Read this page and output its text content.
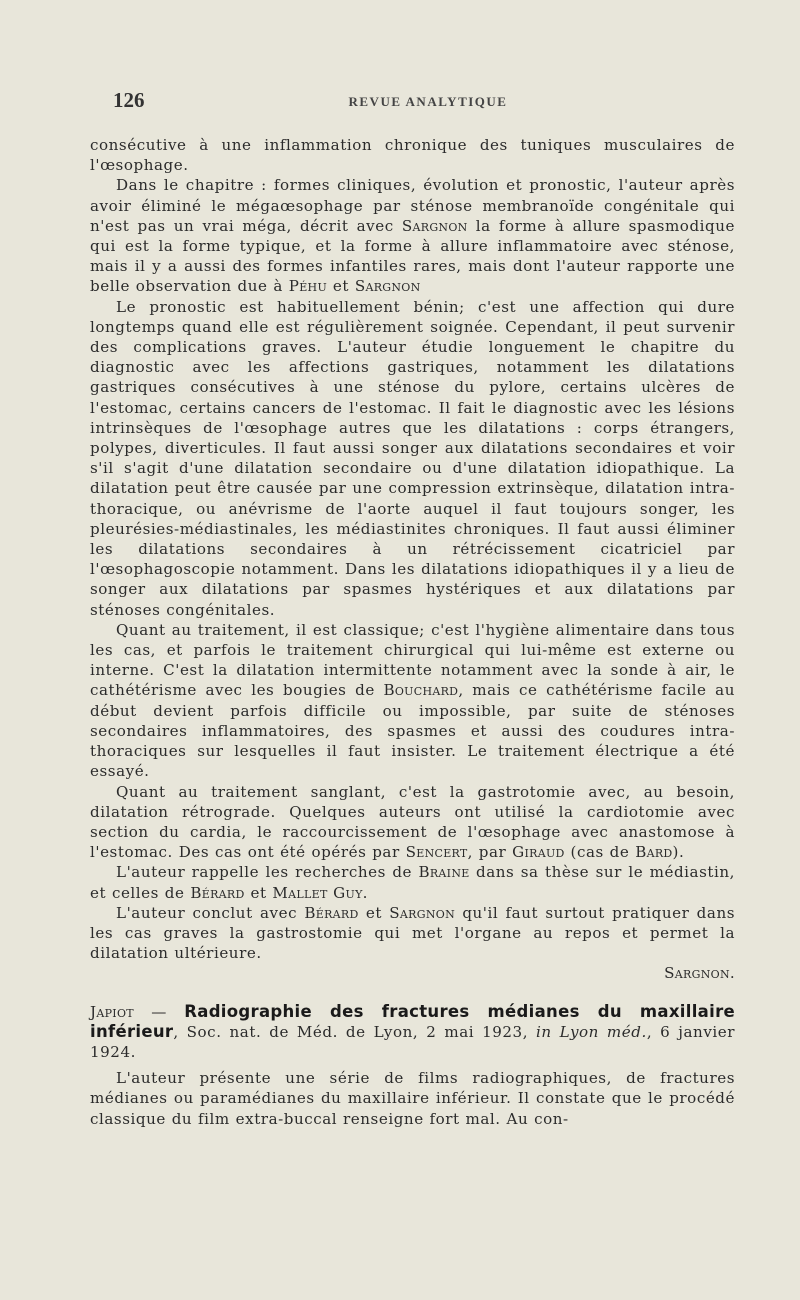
126	REVUE ANALYTIQUE

consécutive à une inflammation chronique des tuniques musculaires de l'œsophage.

Dans le chapitre : formes cliniques, évolution et pronostic, l'auteur après avoir éliminé le mégaœsophage par sténose membranoïde congénitale qui n'est pas un vrai méga, décrit avec Sargnon la forme à allure spasmodique qui est la forme typique, et la forme à allure inflammatoire avec sténose, mais il y a aussi des formes infantiles rares, mais dont l'auteur rapporte une belle observation due à Péhu et Sargnon

Le pronostic est habituellement bénin; c'est une affection qui dure longtemps quand elle est régulièrement soignée. Cependant, il peut survenir des complications graves. L'auteur étudie longuement le chapitre du diagnostic avec les affections gastriques, notamment les dilatations gastriques consécutives à une sténose du pylore, certains ulcères de l'estomac, certains cancers de l'estomac. Il fait le diagnostic avec les lésions intrinsèques de l'œsophage autres que les dilatations : corps étrangers, polypes, diverticules. Il faut aussi songer aux dilatations secondaires et voir s'il s'agit d'une dilatation secondaire ou d'une dilatation idiopathique. La dilatation peut être causée par une compression extrinsèque, dilatation intra-thoracique, ou anévrisme de l'aorte auquel il faut toujours songer, les pleurésies-médiastinales, les médiastinites chroniques. Il faut aussi éliminer les dilatations secondaires à un rétrécissement cicatriciel par l'œsophagoscopie notamment. Dans les dilatations idiopathiques il y a lieu de songer aux dilatations par spasmes hystériques et aux dilatations par sténoses congénitales.

Quant au traitement, il est classique; c'est l'hygiène alimentaire dans tous les cas, et parfois le traitement chirurgical qui lui-même est externe ou interne. C'est la dilatation intermittente notamment avec la sonde à air, le cathétérisme avec les bougies de Bouchard, mais ce cathétérisme facile au début devient parfois difficile ou impossible, par suite de sténoses secondaires inflammatoires, des spasmes et aussi des coudures intra-thoraciques sur lesquelles il faut insister. Le traitement électrique a été essayé.

Quant au traitement sanglant, c'est la gastrotomie avec, au besoin, dilatation rétrograde. Quelques auteurs ont utilisé la cardiotomie avec section du cardia, le raccourcissement de l'œsophage avec anastomose à l'estomac. Des cas ont été opérés par Sencert, par Giraud (cas de Bard).

L'auteur rappelle les recherches de Braine dans sa thèse sur le médiastin, et celles de Bérard et Mallet Guy.

L'auteur conclut avec Bérard et Sargnon qu'il faut surtout pratiquer dans les cas graves la gastrostomie qui met l'organe au repos et permet la dilatation ultérieure.

Sargnon.

Japiot — Radiographie des fractures médianes du maxillaire inférieur, Soc. nat. de Méd. de Lyon, 2 mai 1923, in Lyon méd., 6 janvier 1924.

L'auteur présente une série de films radiographiques, de fractures médianes ou paramédianes du maxillaire inférieur. Il constate que le procédé classique du film extra-buccal renseigne fort mal. Au con-
